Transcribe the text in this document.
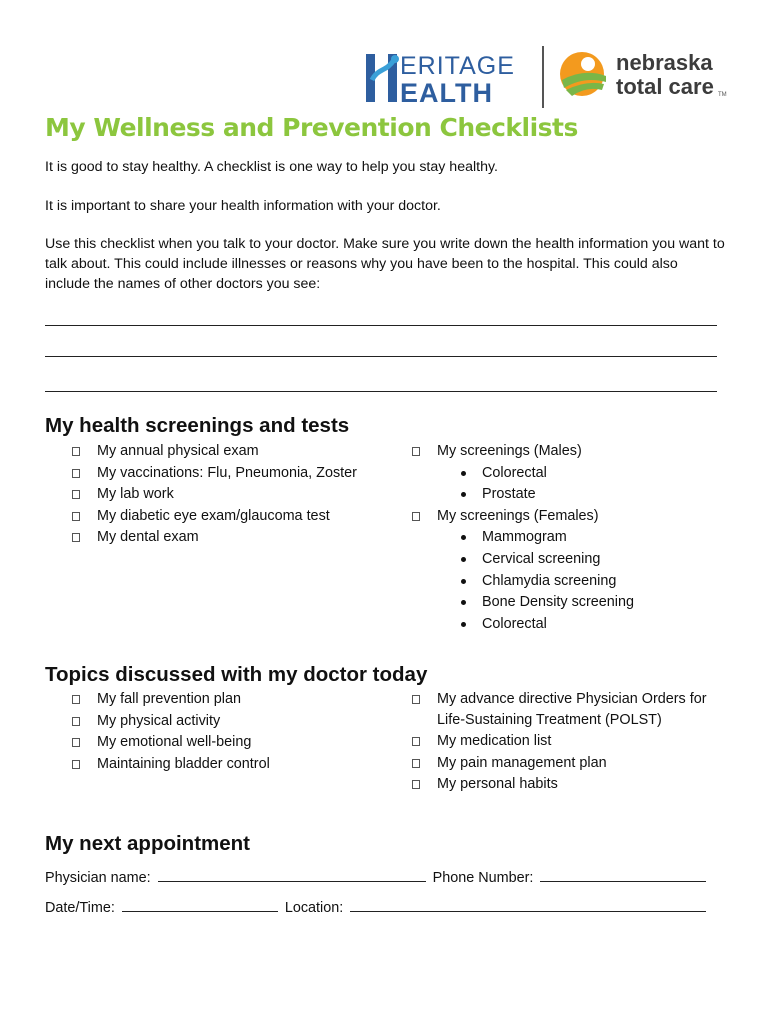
ERITAGE
EALTH
nebraska
total care TM
My Wellness and Prevention Checklists

It is good to stay healthy. A checklist is one way to help you stay healthy.

It is important to share your health information with your doctor.

Use this checklist when you talk to your doctor. Make sure you write down the health information you want to talk about. This could include illnesses or reasons why you have been to the hospital. This could also include the names of other doctors you see:

My health screenings and tests
My annual physical exam
My vaccinations: Flu, Pneumonia, Zoster
My lab work
My diabetic eye exam/glaucoma test
My dental exam
My screenings (Males)
Colorectal
Prostate
My screenings (Females)
Mammogram
Cervical screening
Chlamydia screening
Bone Density screening
Colorectal
Topics discussed with my doctor today
My fall prevention plan
My physical activity
My emotional well-being
Maintaining bladder control
My advance directive Physician Orders for Life-Sustaining Treatment (POLST)
My medication list
My pain management plan
My personal habits
My next appointment

Physician name:	Phone Number:

Date/Time:	Location:
